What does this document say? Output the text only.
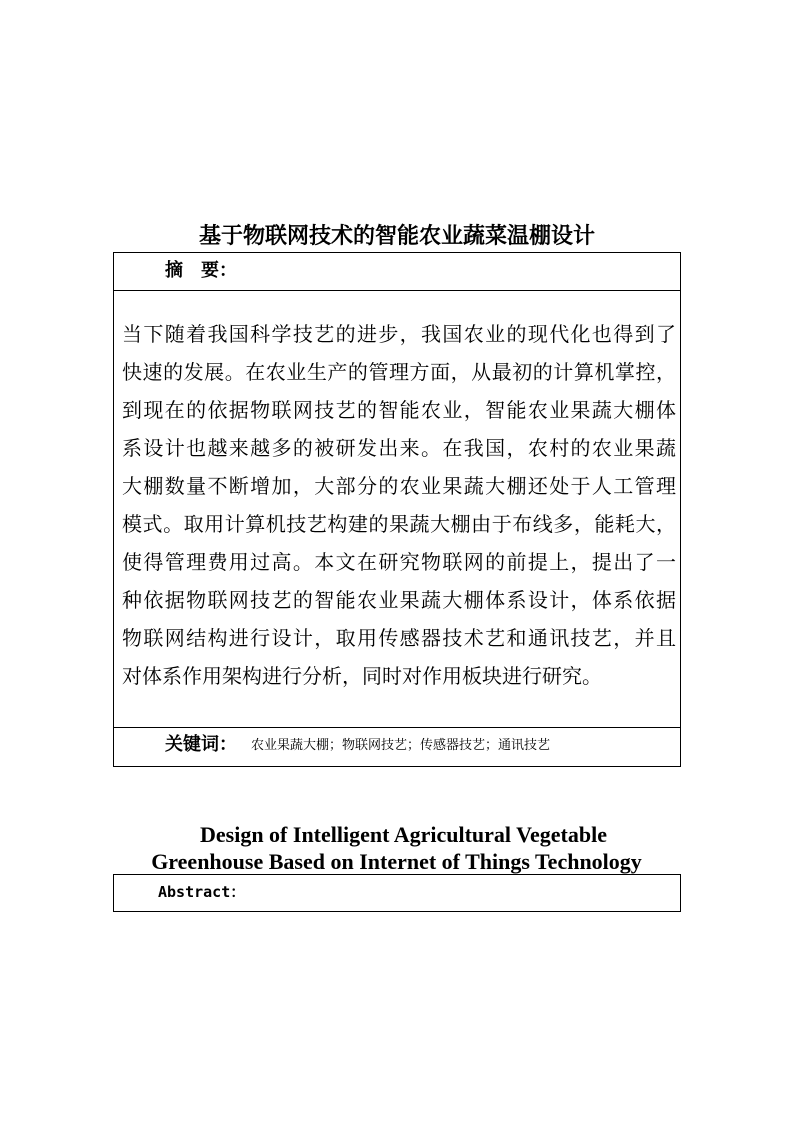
基于物联网技术的智能农业蔬菜温棚设计
摘　要：
当下随着我国科学技艺的进步，我国农业的现代化也得到了
快速的发展。在农业生产的管理方面，从最初的计算机掌控，
到现在的依据物联网技艺的智能农业，智能农业果蔬大棚体
系设计也越来越多的被研发出来。在我国，农村的农业果蔬
大棚数量不断增加，大部分的农业果蔬大棚还处于人工管理
模式。取用计算机技艺构建的果蔬大棚由于布线多，能耗大，
使得管理费用过高。本文在研究物联网的前提上，提出了一
种依据物联网技艺的智能农业果蔬大棚体系设计，体系依据
物联网结构进行设计，取用传感器技术艺和通讯技艺，并且
对体系作用架构进行分析，同时对作用板块进行研究。
关键词： 农业果蔬大棚；物联网技艺；传感器技艺；通讯技艺
Design of Intelligent Agricultural Vegetable
Greenhouse Based on Internet of Things Technology
Abstract：
